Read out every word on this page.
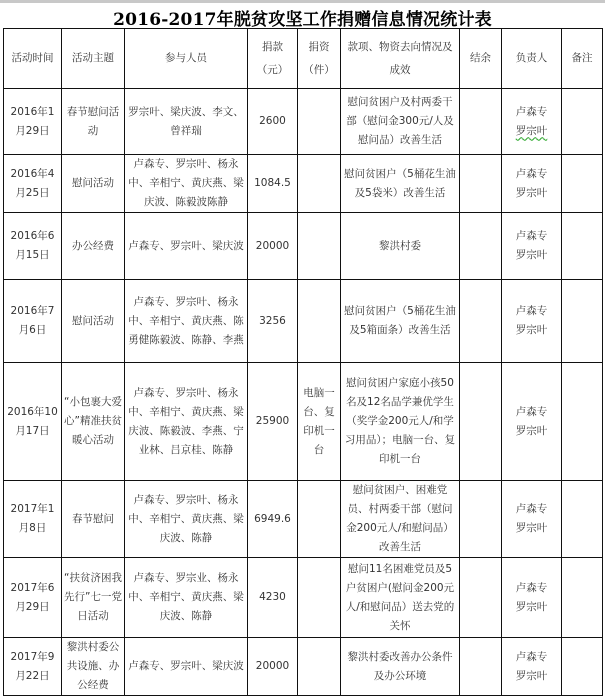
2016-2017年脱贫攻坚工作捐赠信息情况统计表
活动时间	活动主题	参与人员	捐款（元）	捐资（件）	款项、物资去向情况及成效	结余	负责人	备注
2016年1月29日	春节慰问活动	罗宗叶、梁庆波、李文、曾祥瑞	2600		慰问贫困户及村两委干部（慰问金300元/人及慰问品）改善生活		卢森专
罗宗叶	
2016年4月25日	慰问活动	卢森专、罗宗叶、杨永中、辛相宁、黄庆燕、梁庆波、陈毅波陈静	1084.5		慰问贫困户（5桶花生油及5袋米）改善生活		卢森专
罗宗叶	
2016年6月15日	办公经费	卢森专、罗宗叶、梁庆波	20000		黎洪村委		卢森专
罗宗叶	
2016年7月6日	慰问活动	卢森专、罗宗叶、杨永中、辛相宁、黄庆燕、陈勇健陈毅波、陈静、李燕	3256		慰问贫困户（5桶花生油及5箱面条）改善生活		卢森专
罗宗叶	
2016年10月17日	“小包裹大爱心”精准扶贫暖心活动	卢森专、罗宗叶、杨永中、辛相宁、黄庆燕、梁庆波、陈毅波、李燕、宁业林、吕京桂、陈静	25900	电脑一台、复印机一台	慰问贫困户家庭小孩50名及12名品学兼优学生（奖学金200元人/和学习用品）；电脑一台、复印机一台		卢森专
罗宗叶	
2017年1月8日	春节慰问	卢森专、罗宗叶、杨永中、辛相宁、黄庆燕、梁庆波、陈静	6949.6		慰问贫困户、困难党员、村两委干部（慰问金200元人/和慰问品）改善生活		卢森专
罗宗叶	
2017年6月29日	“扶贫济困我先行”七一党日活动	卢森专、罗宗业、杨永中、辛相宁、黄庆燕、梁庆波、陈静	4230		慰问11名困难党员及5户贫困户(慰问金200元人/和慰问品）送去党的关怀		卢森专
罗宗叶	
2017年9月22日	黎洪村委公共设施、办公经费	卢森专、罗宗叶、梁庆波	20000		黎洪村委改善办公条件及办公环境		卢森专
罗宗叶	
